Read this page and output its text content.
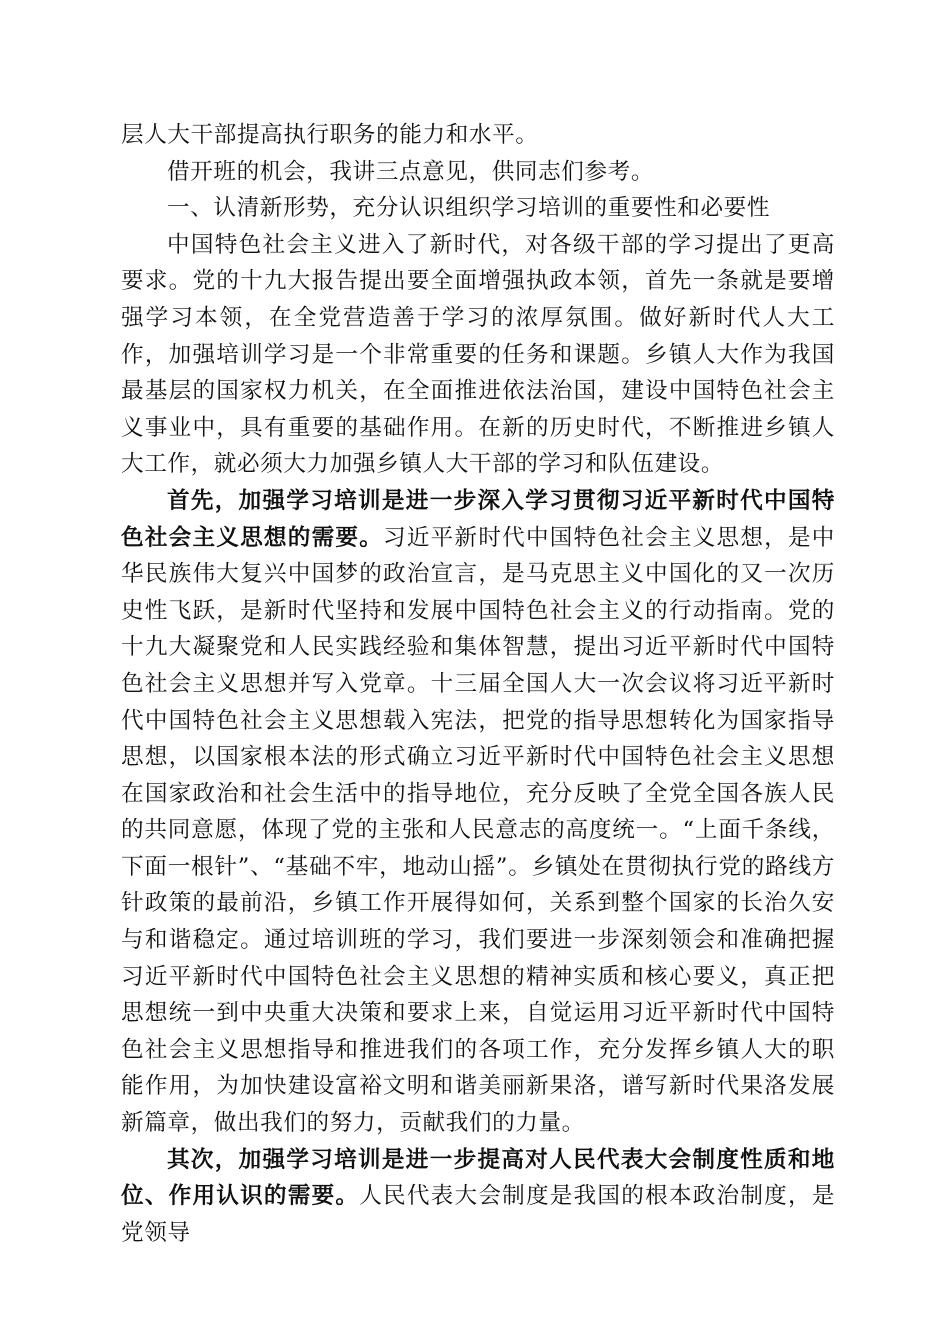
层人大干部提高执行职务的能力和水平。

借开班的机会，我讲三点意见，供同志们参考。

一、认清新形势，充分认识组织学习培训的重要性和必要性

中国特色社会主义进入了新时代，对各级干部的学习提出了更高要求。党的十九大报告提出要全面增强执政本领，首先一条就是要增强学习本领，在全党营造善于学习的浓厚氛围。做好新时代人大工作，加强培训学习是一个非常重要的任务和课题。乡镇人大作为我国最基层的国家权力机关，在全面推进依法治国，建设中国特色社会主义事业中，具有重要的基础作用。在新的历史时代，不断推进乡镇人大工作，就必须大力加强乡镇人大干部的学习和队伍建设。

首先，加强学习培训是进一步深入学习贯彻习近平新时代中国特色社会主义思想的需要。习近平新时代中国特色社会主义思想，是中华民族伟大复兴中国梦的政治宣言，是马克思主义中国化的又一次历史性飞跃，是新时代坚持和发展中国特色社会主义的行动指南。党的十九大凝聚党和人民实践经验和集体智慧，提出习近平新时代中国特色社会主义思想并写入党章。十三届全国人大一次会议将习近平新时代中国特色社会主义思想载入宪法，把党的指导思想转化为国家指导思想，以国家根本法的形式确立习近平新时代中国特色社会主义思想在国家政治和社会生活中的指导地位，充分反映了全党全国各族人民的共同意愿，体现了党的主张和人民意志的高度统一。“上面千条线，下面一根针”、“基础不牢，地动山摇”。乡镇处在贯彻执行党的路线方针政策的最前沿，乡镇工作开展得如何，关系到整个国家的长治久安与和谐稳定。通过培训班的学习，我们要进一步深刻领会和准确把握习近平新时代中国特色社会主义思想的精神实质和核心要义，真正把思想统一到中央重大决策和要求上来，自觉运用习近平新时代中国特色社会主义思想指导和推进我们的各项工作，充分发挥乡镇人大的职能作用，为加快建设富裕文明和谐美丽新果洛，谱写新时代果洛发展新篇章，做出我们的努力，贡献我们的力量。

其次，加强学习培训是进一步提高对人民代表大会制度性质和地位、作用认识的需要。人民代表大会制度是我国的根本政治制度，是党领导
